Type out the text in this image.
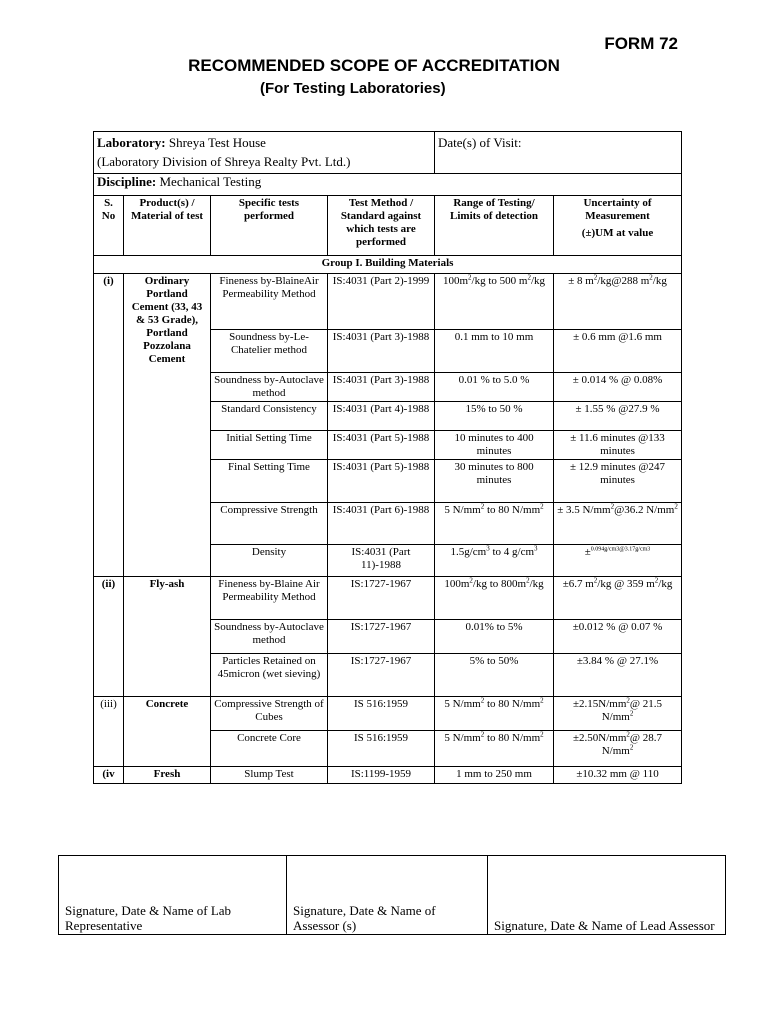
FORM 72
RECOMMENDED SCOPE OF ACCREDITATION
(For Testing Laboratories)
Laboratory: Shreya Test House
(Laboratory Division of Shreya Realty Pvt. Ltd.)				Date(s) of Visit:	
Discipline: Mechanical Testing					
S. No	Product(s) / Material of test	Specific tests performed	Test Method / Standard against which tests are performed	Range of Testing/ Limits of detection	Uncertainty of Measurement
(±)UM at value
Group I. Building Materials					
(i)	Ordinary Portland Cement (33, 43 & 53 Grade), Portland Pozzolana Cement	Fineness by-BlaineAir Permeability Method	IS:4031 (Part 2)-1999	$100m^2/kg$ to 500 $m^2/kg$	± 8 $m^2/kg@288$ $m^2/kg$
		Soundness by-Le-Chatelier method	IS:4031 (Part 3)-1988	0.1 mm to 10 mm	± 0.6 mm @1.6 mm
		Soundness by-Autoclave method	IS:4031 (Part 3)-1988	0.01 % to 5.0 %	± 0.014 % @ 0.08%
		Standard Consistency	IS:4031 (Part 4)-1988	15% to 50 %	± 1.55 % @27.9 %
		Initial Setting Time	IS:4031 (Part 5)-1988	10 minutes to 400 minutes	± 11.6 minutes @133 minutes
		Final Setting Time	IS:4031 (Part 5)-1988	30 minutes to 800 minutes	± 12.9 minutes @247 minutes
		Compressive Strength	IS:4031 (Part 6)-1988	5 $N/mm^2$ to 80 $N/mm^2$	± 3.5 $N/mm^2@36.2$ $N/mm^2$
		Density	IS:4031 (Part 11)-1988	$1.5g/cm^3$ to 4 $g/cm^3$	±$^{0.094g/cm3@3.17g/cm3}$
(ii)	Fly-ash	Fineness by-Blaine Air Permeability Method	IS:1727-1967	$100m^2/kg$ to $800m^2/kg$	±6.7 $m^2/kg$ @ 359 $m^2/kg$
		Soundness by-Autoclave method	IS:1727-1967	0.01% to 5%	±0.012 % @ 0.07 %
		Particles Retained on 45micron (wet sieving)	IS:1727-1967	5% to 50%	±3.84 % @ 27.1%
(iii)	Concrete	Compressive Strength of Cubes	IS 516:1959	5 $N/mm^2$ to 80 $N/mm^2$	$\pm 2.15N/mm^2@$ 21.5 $N/mm^2$
		Concrete Core	IS 516:1959	5 $N/mm^2$ to 80 $N/mm^2$	$\pm 2.50N/mm^2@$ 28.7 $N/mm^2$
(iv	Fresh	Slump Test	IS:1199-1959	1 mm to 250 mm	±10.32 mm @ 110
Signature, Date & Name of Lab Representative	Signature, Date & Name of Assessor (s)	Signature, Date & Name of Lead Assessor
